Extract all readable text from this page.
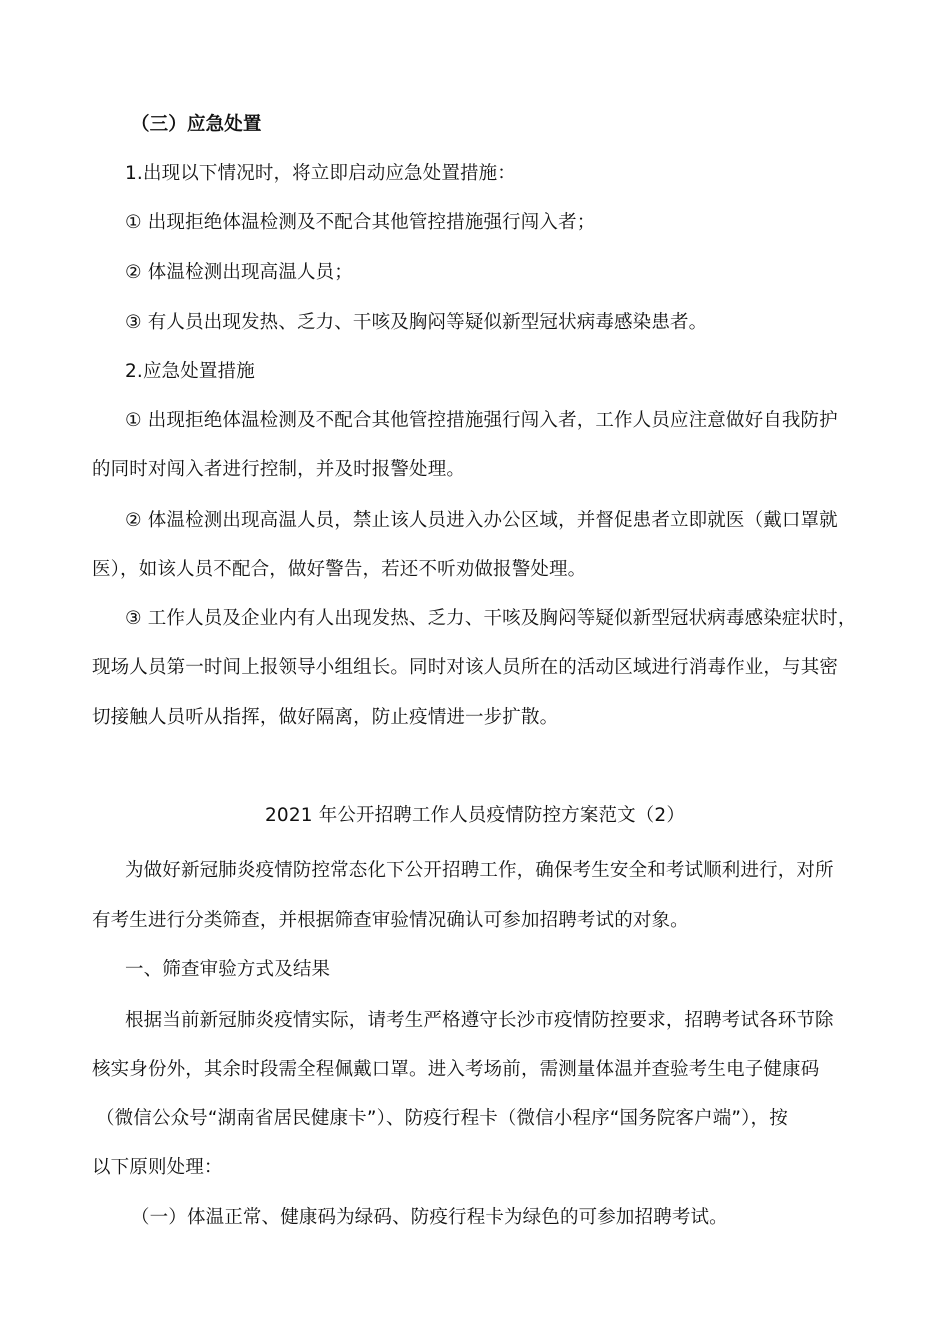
（三）应急处置
1.出现以下情况时，将立即启动应急处置措施：
① 出现拒绝体温检测及不配合其他管控措施强行闯入者；
② 体温检测出现高温人员；
③ 有人员出现发热、乏力、干咳及胸闷等疑似新型冠状病毒感染患者。
2.应急处置措施
① 出现拒绝体温检测及不配合其他管控措施强行闯入者，工作人员应注意做好自我防护
的同时对闯入者进行控制，并及时报警处理。
② 体温检测出现高温人员，禁止该人员进入办公区域，并督促患者立即就医（戴口罩就
医），如该人员不配合，做好警告，若还不听劝做报警处理。
③ 工作人员及企业内有人出现发热、乏力、干咳及胸闷等疑似新型冠状病毒感染症状时，
现场人员第一时间上报领导小组组长。同时对该人员所在的活动区域进行消毒作业，与其密
切接触人员听从指挥，做好隔离，防止疫情进一步扩散。
2021 年公开招聘工作人员疫情防控方案范文（2）
为做好新冠肺炎疫情防控常态化下公开招聘工作，确保考生安全和考试顺利进行，对所
有考生进行分类筛查，并根据筛查审验情况确认可参加招聘考试的对象。
一、筛查审验方式及结果
根据当前新冠肺炎疫情实际，请考生严格遵守长沙市疫情防控要求，招聘考试各环节除
核实身份外，其余时段需全程佩戴口罩。进入考场前，需测量体温并查验考生电子健康码
（微信公众号“湖南省居民健康卡”）、防疫行程卡（微信小程序“国务院客户端”），按
以下原则处理：
（一）体温正常、健康码为绿码、防疫行程卡为绿色的可参加招聘考试。
